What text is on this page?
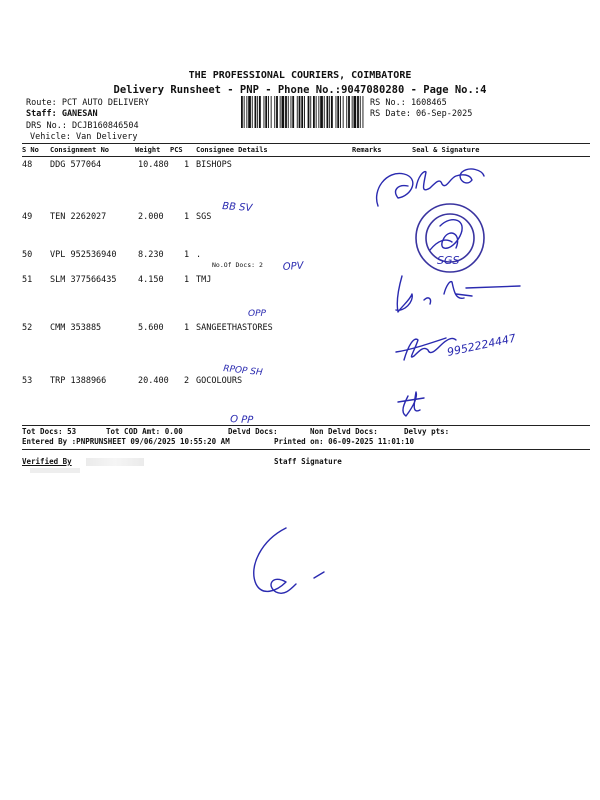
THE PROFESSIONAL COURIERS, COIMBATORE
Delivery Runsheet - PNP - Phone No.:9047080280 - Page No.:4
Route: PCT AUTO DELIVERY
Staff: GANESAN
DRS No.: DCJB160846504
Vehicle: Van Delivery
RS No.: 1608465
RS Date: 06-Sep-2025
S No Consignment No	Weight PCS Consignee Details	Remarks	Seal & Signature
48 DDG 577064	10.480 1 BISHOPS
49 TEN 2262027	2.000 1 SGS
50 VPL 952536940	8.230 1 .
No.Of Docs: 2
51 SLM 377566435	4.150 1 TMJ
52 CMM 353885	5.600 1 SANGEETHASTORES
53 TRP 1388966	20.400 2 GOCOLOURS
BB SV
SGS
OPV
OPP
9952224447
RPOP SH
O PP
Tot Docs: 53	Tot COD Amt: 0.00	Delvd Docs:	Non Delvd Docs:	Delvy pts:
Entered By :PNPRUNSHEET 09/06/2025 10:55:20 AM	Printed on: 06-09-2025 11:01:10
Verified By	Staff Signature
